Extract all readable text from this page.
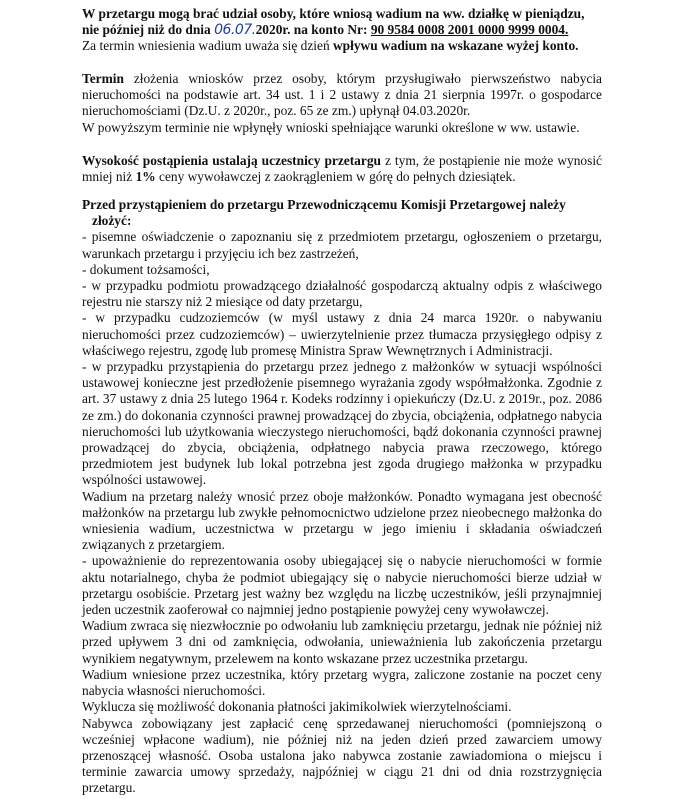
W przetargu mogą brać udział osoby, które wniosą wadium na ww. działkę w pieniądzu,

nie później niż do dnia 06.07.2020r. na konto Nr: 90 9584 0008 2001 0000 9999 0004.

Za termin wniesienia wadium uważa się dzień wpływu wadium na wskazane wyżej konto.

Termin złożenia wniosków przez osoby, którym przysługiwało pierwszeństwo nabycia nieruchomości na podstawie art. 34 ust. 1 i 2 ustawy z dnia 21 sierpnia 1997r. o gospodarce nieruchomościami (Dz.U. z 2020r., poz. 65 ze zm.) upłynął 04.03.2020r.

W powyższym terminie nie wpłynęły wnioski spełniające warunki określone w ww. ustawie.

Wysokość postąpienia ustalają uczestnicy przetargu z tym, że postąpienie nie może wynosić mniej niż 1% ceny wywoławczej z zaokrągleniem w górę do pełnych dziesiątek.

Przed przystąpieniem do przetargu Przewodniczącemu Komisji Przetargowej należy

złożyć:

- pisemne oświadczenie o zapoznaniu się z przedmiotem przetargu, ogłoszeniem o przetargu, warunkach przetargu i przyjęciu ich bez zastrzeżeń,

- dokument tożsamości,

- w przypadku podmiotu prowadzącego działalność gospodarczą aktualny odpis z właściwego rejestru nie starszy niż 2 miesiące od daty przetargu,

- w przypadku cudzoziemców (w myśl ustawy z dnia 24 marca 1920r. o nabywaniu nieruchomości przez cudzoziemców) – uwierzytelnienie przez tłumacza przysięgłego odpisy z właściwego rejestru, zgodę lub promesę Ministra Spraw Wewnętrznych i Administracji.

- w przypadku przystąpienia do przetargu przez jednego z małżonków w sytuacji wspólności ustawowej konieczne jest przedłożenie pisemnego wyrażania zgody współmałżonka. Zgodnie z art. 37 ustawy z dnia 25 lutego 1964 r. Kodeks rodzinny i opiekuńczy (Dz.U. z 2019r., poz. 2086 ze zm.) do dokonania czynności prawnej prowadzącej do zbycia, obciążenia, odpłatnego nabycia nieruchomości lub użytkowania wieczystego nieruchomości, bądź dokonania czynności prawnej prowadzącej do zbycia, obciążenia, odpłatnego nabycia prawa rzeczowego, którego przedmiotem jest budynek lub lokal potrzebna jest zgoda drugiego małżonka w przypadku wspólności ustawowej.

Wadium na przetarg należy wnosić przez oboje małżonków. Ponadto wymagana jest obecność małżonków na przetargu lub zwykłe pełnomocnictwo udzielone przez nieobecnego małżonka do wniesienia wadium, uczestnictwa w przetargu w jego imieniu i składania oświadczeń związanych z przetargiem.

- upoważnienie do reprezentowania osoby ubiegającej się o nabycie nieruchomości w formie aktu notarialnego, chyba że podmiot ubiegający się o nabycie nieruchomości bierze udział w przetargu osobiście. Przetarg jest ważny bez względu na liczbę uczestników, jeśli przynajmniej jeden uczestnik zaoferował co najmniej jedno postąpienie powyżej ceny wywoławczej.

Wadium zwraca się niezwłocznie po odwołaniu lub zamknięciu przetargu, jednak nie później niż przed upływem 3 dni od zamknięcia, odwołania, unieważnienia lub zakończenia przetargu wynikiem negatywnym, przelewem na konto wskazane przez uczestnika przetargu.

Wadium wniesione przez uczestnika, który przetarg wygra, zaliczone zostanie na poczet ceny nabycia własności nieruchomości.

Wyklucza się możliwość dokonania płatności jakimikolwiek wierzytelnościami.

Nabywca zobowiązany jest zapłacić cenę sprzedawanej nieruchomości (pomniejszoną o wcześniej wpłacone wadium), nie później niż na jeden dzień przed zawarciem umowy przenoszącej własność. Osoba ustalona jako nabywca zostanie zawiadomiona o miejscu i terminie zawarcia umowy sprzedaży, najpóźniej w ciągu 21 dni od dnia rozstrzygnięcia przetargu.
